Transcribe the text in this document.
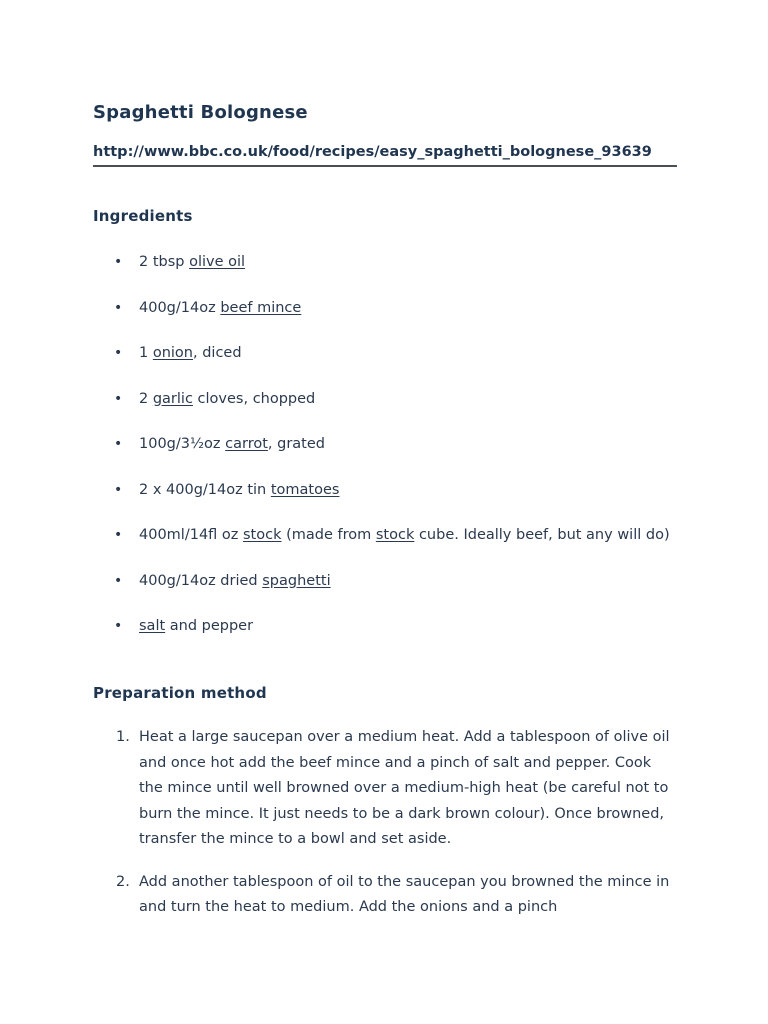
Spaghetti Bolognese
http://www.bbc.co.uk/food/recipes/easy_spaghetti_bolognese_93639
Ingredients
• 2 tbsp olive oil
• 400g/14oz beef mince
• 1 onion, diced
• 2 garlic cloves, chopped
• 100g/3½oz carrot, grated
• 2 x 400g/14oz tin tomatoes
• 400ml/14fl oz stock (made from stock cube. Ideally beef, but any will do)
• 400g/14oz dried spaghetti
• salt and pepper
Preparation method
1. Heat a large saucepan over a medium heat. Add a tablespoon of olive oil and once hot add the beef mince and a pinch of salt and pepper. Cook the mince until well browned over a medium-high heat (be careful not to burn the mince. It just needs to be a dark brown colour). Once browned, transfer the mince to a bowl and set aside.
2. Add another tablespoon of oil to the saucepan you browned the mince in and turn the heat to medium. Add the onions and a pinch
